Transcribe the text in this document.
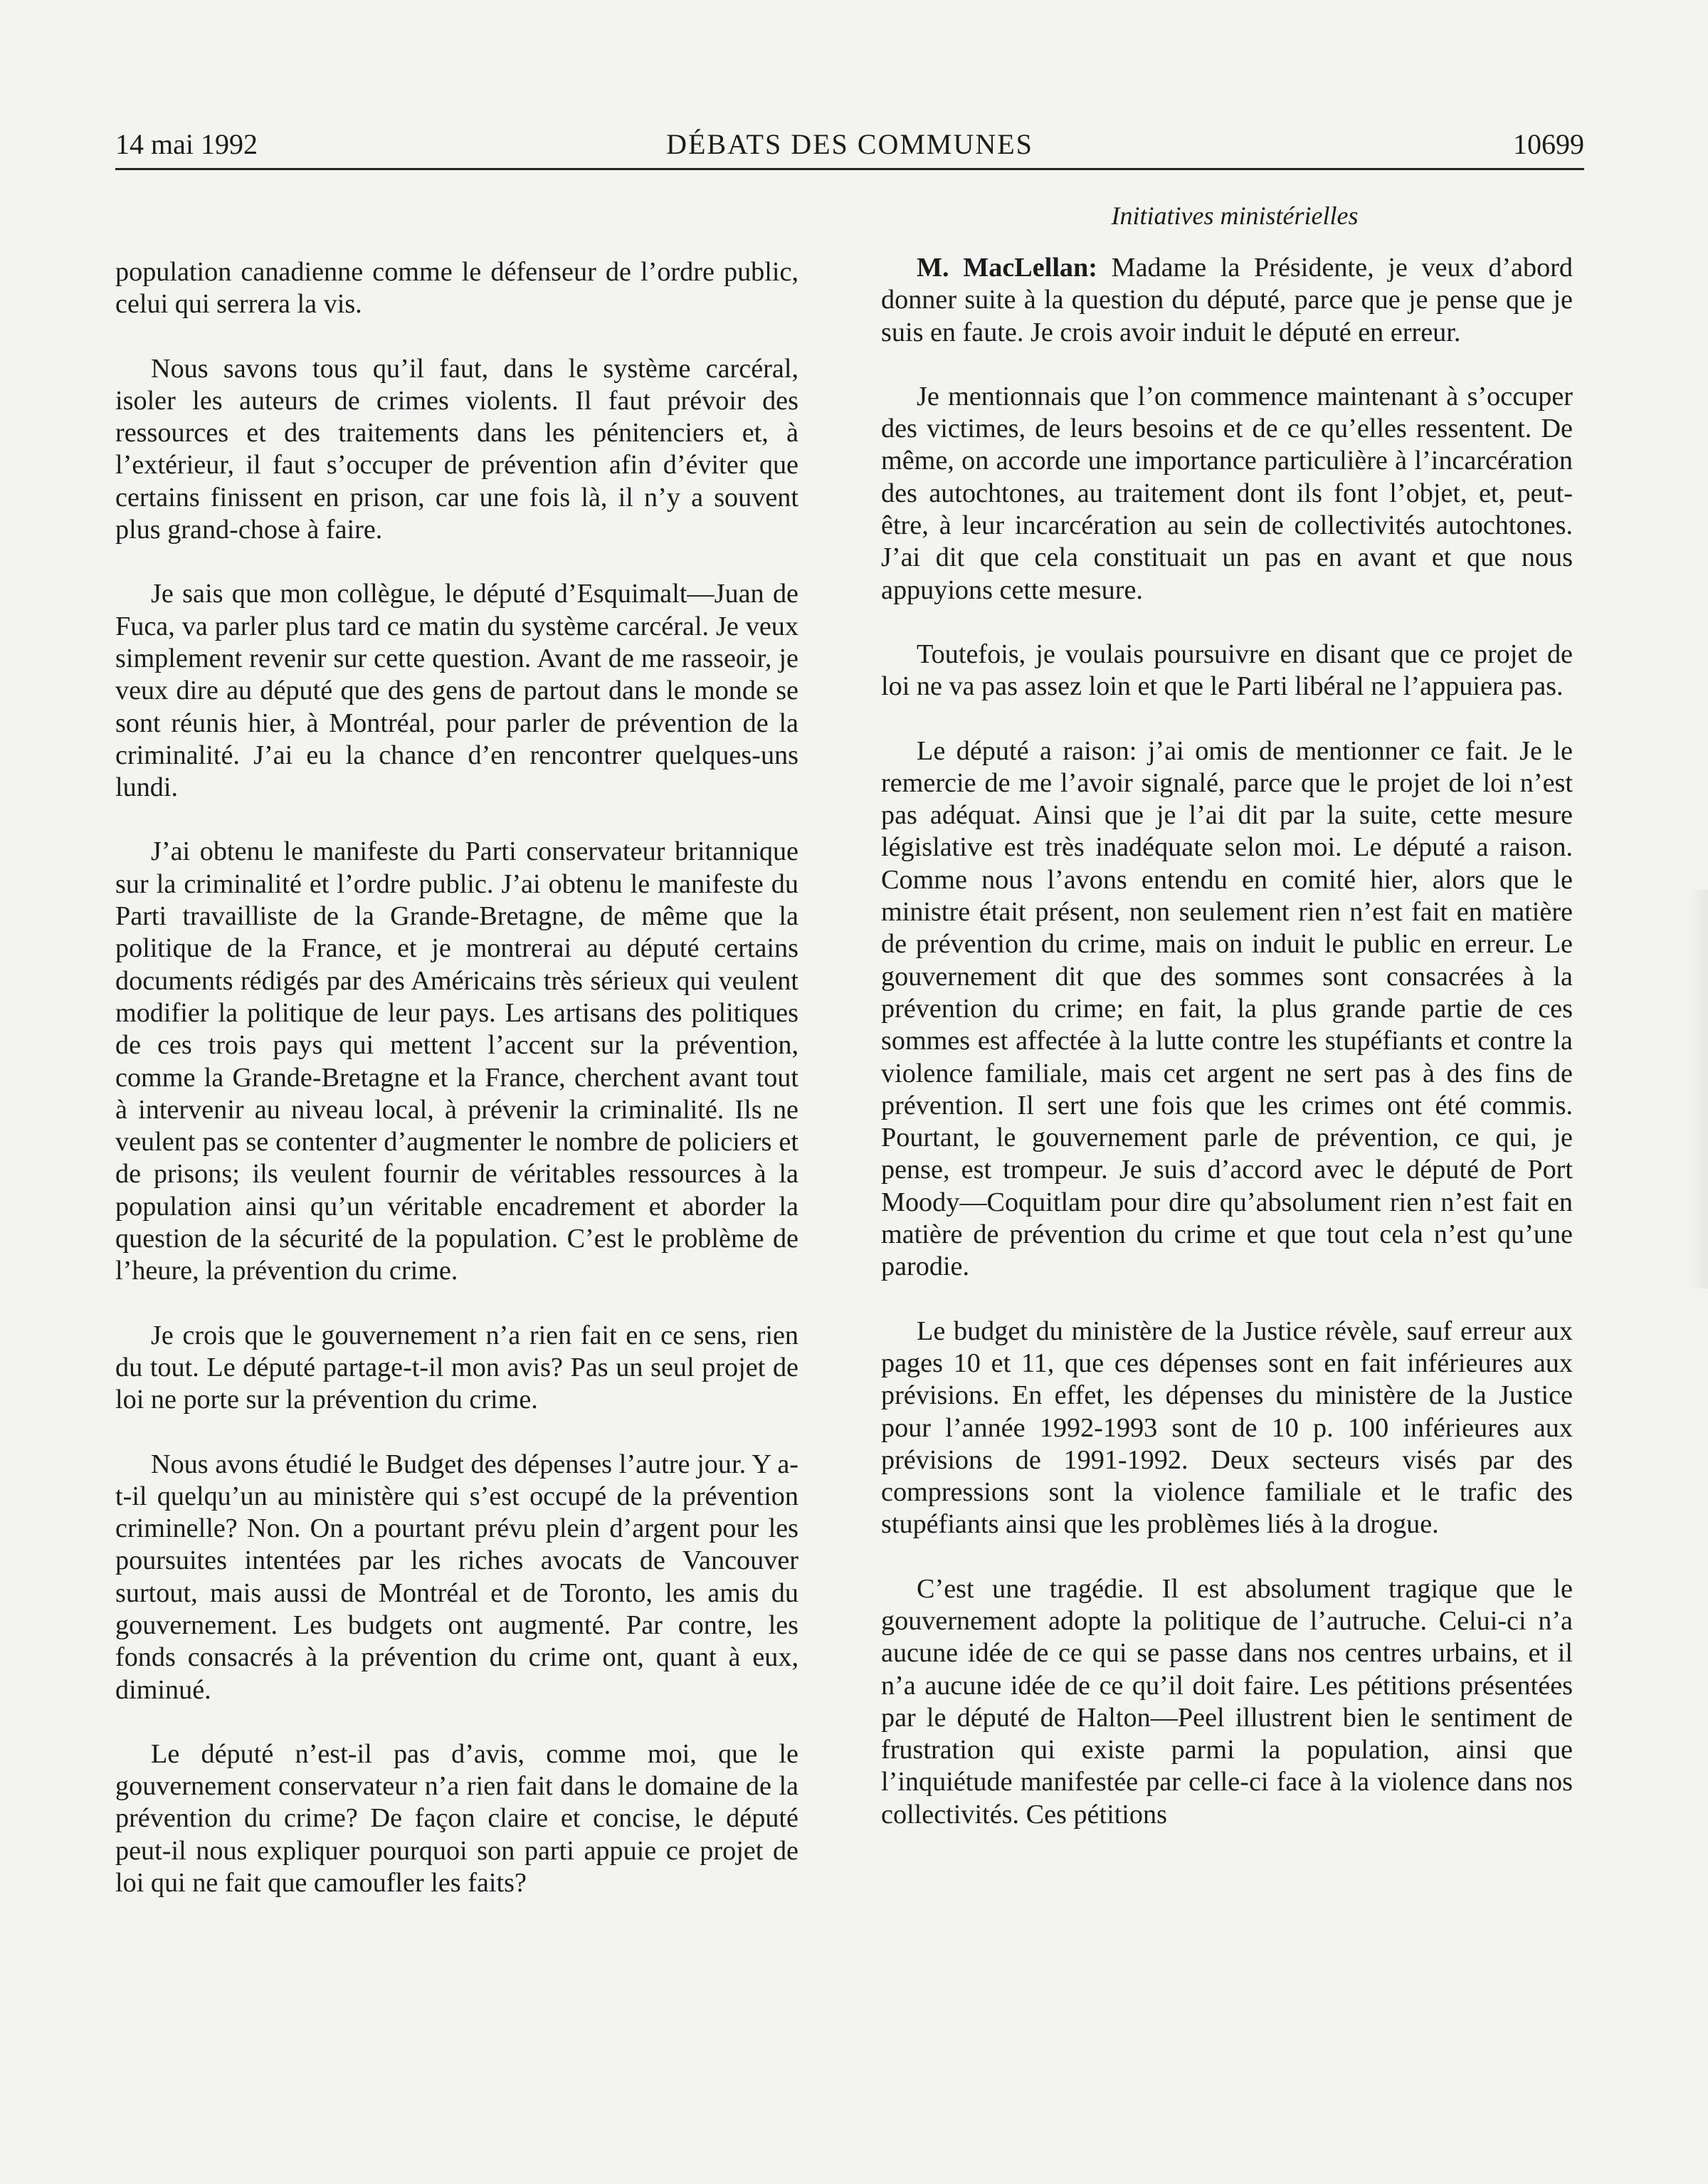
14 mai 1992	DÉBATS DES COMMUNES	10699
Initiatives ministérielles

population canadienne comme le défenseur de l’ordre public, celui qui serrera la vis.

Nous savons tous qu’il faut, dans le système carcéral, isoler les auteurs de crimes violents. Il faut prévoir des ressources et des traitements dans les pénitenciers et, à l’extérieur, il faut s’occuper de prévention afin d’éviter que certains finissent en prison, car une fois là, il n’y a souvent plus grand-chose à faire.

Je sais que mon collègue, le député d’Esquimalt—Juan de Fuca, va parler plus tard ce matin du système carcéral. Je veux simplement revenir sur cette question. Avant de me rasseoir, je veux dire au député que des gens de partout dans le monde se sont réunis hier, à Montréal, pour parler de prévention de la criminalité. J’ai eu la chance d’en rencontrer quelques-uns lundi.

J’ai obtenu le manifeste du Parti conservateur britannique sur la criminalité et l’ordre public. J’ai obtenu le manifeste du Parti travailliste de la Grande-Bretagne, de même que la politique de la France, et je montrerai au député certains documents rédigés par des Américains très sérieux qui veulent modifier la politique de leur pays. Les artisans des politiques de ces trois pays qui mettent l’accent sur la prévention, comme la Grande-Bretagne et la France, cherchent avant tout à intervenir au niveau local, à prévenir la criminalité. Ils ne veulent pas se contenter d’augmenter le nombre de policiers et de prisons; ils veulent fournir de véritables ressources à la population ainsi qu’un véritable encadrement et aborder la question de la sécurité de la population. C’est le problème de l’heure, la prévention du crime.

Je crois que le gouvernement n’a rien fait en ce sens, rien du tout. Le député partage-t-il mon avis? Pas un seul projet de loi ne porte sur la prévention du crime.

Nous avons étudié le Budget des dépenses l’autre jour. Y a-t-il quelqu’un au ministère qui s’est occupé de la prévention criminelle? Non. On a pourtant prévu plein d’argent pour les poursuites intentées par les riches avocats de Vancouver surtout, mais aussi de Montréal et de Toronto, les amis du gouvernement. Les budgets ont augmenté. Par contre, les fonds consacrés à la prévention du crime ont, quant à eux, diminué.

Le député n’est-il pas d’avis, comme moi, que le gouvernement conservateur n’a rien fait dans le domaine de la prévention du crime? De façon claire et concise, le député peut-il nous expliquer pourquoi son parti appuie ce projet de loi qui ne fait que camoufler les faits?

M. MacLellan: Madame la Présidente, je veux d’abord donner suite à la question du député, parce que je pense que je suis en faute. Je crois avoir induit le député en erreur.

Je mentionnais que l’on commence maintenant à s’occuper des victimes, de leurs besoins et de ce qu’elles ressentent. De même, on accorde une importance particulière à l’incarcération des autochtones, au traitement dont ils font l’objet, et, peut-être, à leur incarcération au sein de collectivités autochtones. J’ai dit que cela constituait un pas en avant et que nous appuyions cette mesure.

Toutefois, je voulais poursuivre en disant que ce projet de loi ne va pas assez loin et que le Parti libéral ne l’appuiera pas.

Le député a raison: j’ai omis de mentionner ce fait. Je le remercie de me l’avoir signalé, parce que le projet de loi n’est pas adéquat. Ainsi que je l’ai dit par la suite, cette mesure législative est très inadéquate selon moi. Le député a raison. Comme nous l’avons entendu en comité hier, alors que le ministre était présent, non seulement rien n’est fait en matière de prévention du crime, mais on induit le public en erreur. Le gouvernement dit que des sommes sont consacrées à la prévention du crime; en fait, la plus grande partie de ces sommes est affectée à la lutte contre les stupéfiants et contre la violence familiale, mais cet argent ne sert pas à des fins de prévention. Il sert une fois que les crimes ont été commis. Pourtant, le gouvernement parle de prévention, ce qui, je pense, est trompeur. Je suis d’accord avec le député de Port Moody—Coquitlam pour dire qu’absolument rien n’est fait en matière de prévention du crime et que tout cela n’est qu’une parodie.

Le budget du ministère de la Justice révèle, sauf erreur aux pages 10 et 11, que ces dépenses sont en fait inférieures aux prévisions. En effet, les dépenses du ministère de la Justice pour l’année 1992-1993 sont de 10 p. 100 inférieures aux prévisions de 1991-1992. Deux secteurs visés par des compressions sont la violence familiale et le trafic des stupéfiants ainsi que les problèmes liés à la drogue.

C’est une tragédie. Il est absolument tragique que le gouvernement adopte la politique de l’autruche. Celui-ci n’a aucune idée de ce qui se passe dans nos centres urbains, et il n’a aucune idée de ce qu’il doit faire. Les pétitions présentées par le député de Halton—Peel illustrent bien le sentiment de frustration qui existe parmi la population, ainsi que l’inquiétude manifestée par celle-ci face à la violence dans nos collectivités. Ces pétitions
